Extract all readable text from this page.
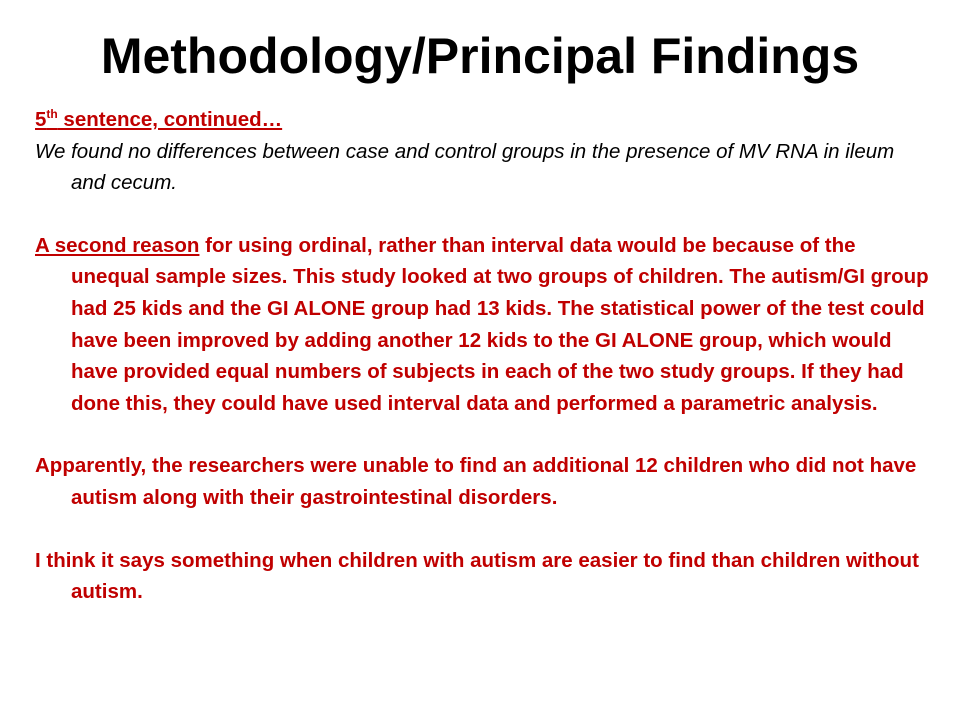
Methodology/Principal Findings

5th sentence, continued…

We found no differences between case and control groups in the presence of MV RNA in ileum and cecum.

A second reason for using ordinal, rather than interval data would be because of the unequal sample sizes. This study looked at two groups of children. The autism/GI group had 25 kids and the GI ALONE group had 13 kids. The statistical power of the test could have been improved by adding another 12 kids to the GI ALONE group, which would have provided equal numbers of subjects in each of the two study groups. If they had done this, they could have used interval data and performed a parametric analysis.

Apparently, the researchers were unable to find an additional 12 children who did not have autism along with their gastrointestinal disorders.

I think it says something when children with autism are easier to find than children without autism.
